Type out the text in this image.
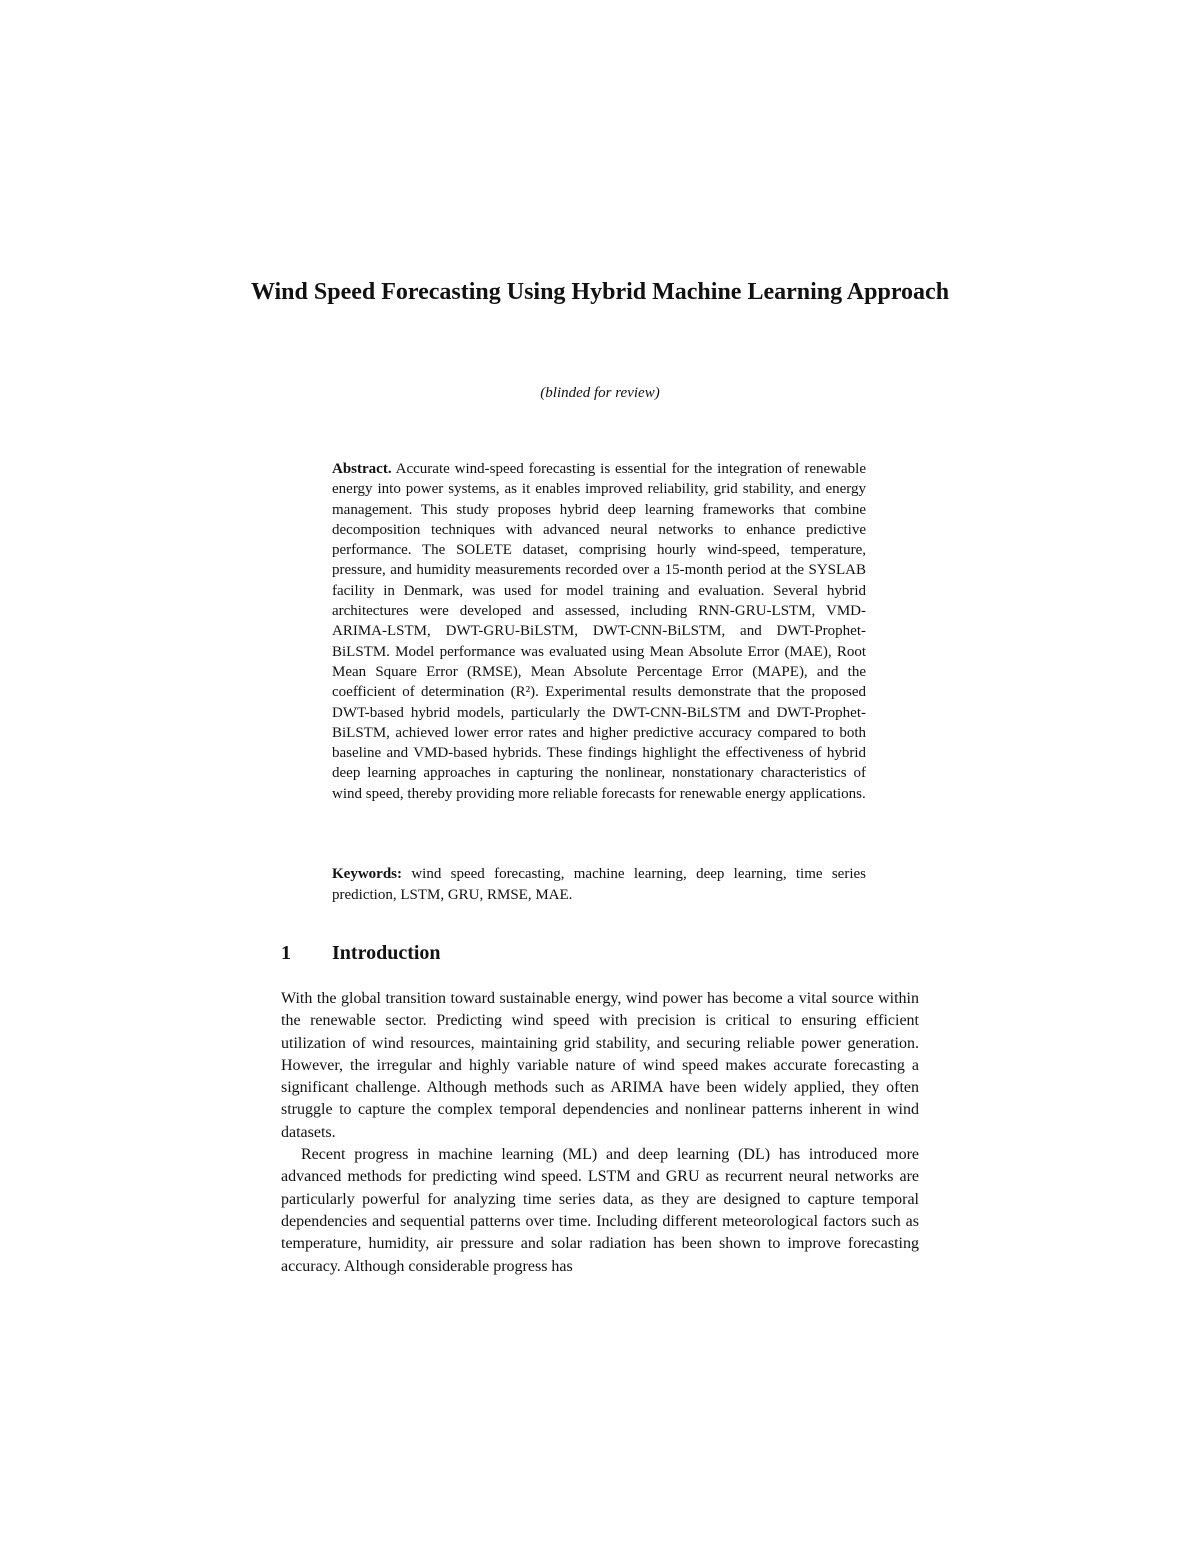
Wind Speed Forecasting Using Hybrid Machine Learning Approach
(blinded for review)
Abstract. Accurate wind-speed forecasting is essential for the integration of renewable energy into power systems, as it enables improved reliability, grid stability, and energy management. This study proposes hybrid deep learning frameworks that combine decomposition techniques with advanced neural networks to enhance predictive performance. The SOLETE dataset, comprising hourly wind-speed, temperature, pressure, and humidity measurements recorded over a 15-month period at the SYSLAB facility in Denmark, was used for model training and evaluation. Several hybrid architectures were developed and assessed, including RNN-GRU-LSTM, VMD-ARIMA-LSTM, DWT-GRU-BiLSTM, DWT-CNN-BiLSTM, and DWT-Prophet-BiLSTM. Model performance was evaluated using Mean Absolute Error (MAE), Root Mean Square Error (RMSE), Mean Absolute Percentage Error (MAPE), and the coefficient of determination (R²). Experimental results demonstrate that the proposed DWT-based hybrid models, particularly the DWT-CNN-BiLSTM and DWT-Prophet-BiLSTM, achieved lower error rates and higher predictive accuracy compared to both baseline and VMD-based hybrids. These findings highlight the effectiveness of hybrid deep learning approaches in capturing the nonlinear, nonstationary characteristics of wind speed, thereby providing more reliable forecasts for renewable energy applications.
Keywords: wind speed forecasting, machine learning, deep learning, time series prediction, LSTM, GRU, RMSE, MAE.
1 Introduction

With the global transition toward sustainable energy, wind power has become a vital source within the renewable sector. Predicting wind speed with precision is critical to ensuring efficient utilization of wind resources, maintaining grid stability, and securing reliable power generation. However, the irregular and highly variable nature of wind speed makes accurate forecasting a significant challenge. Although methods such as ARIMA have been widely applied, they often struggle to capture the complex temporal dependencies and nonlinear patterns inherent in wind datasets.

Recent progress in machine learning (ML) and deep learning (DL) has introduced more advanced methods for predicting wind speed. LSTM and GRU as recurrent neural networks are particularly powerful for analyzing time series data, as they are designed to capture temporal dependencies and sequential patterns over time. Including different meteorological factors such as temperature, humidity, air pressure and solar radiation has been shown to improve forecasting accuracy. Although considerable progress has
